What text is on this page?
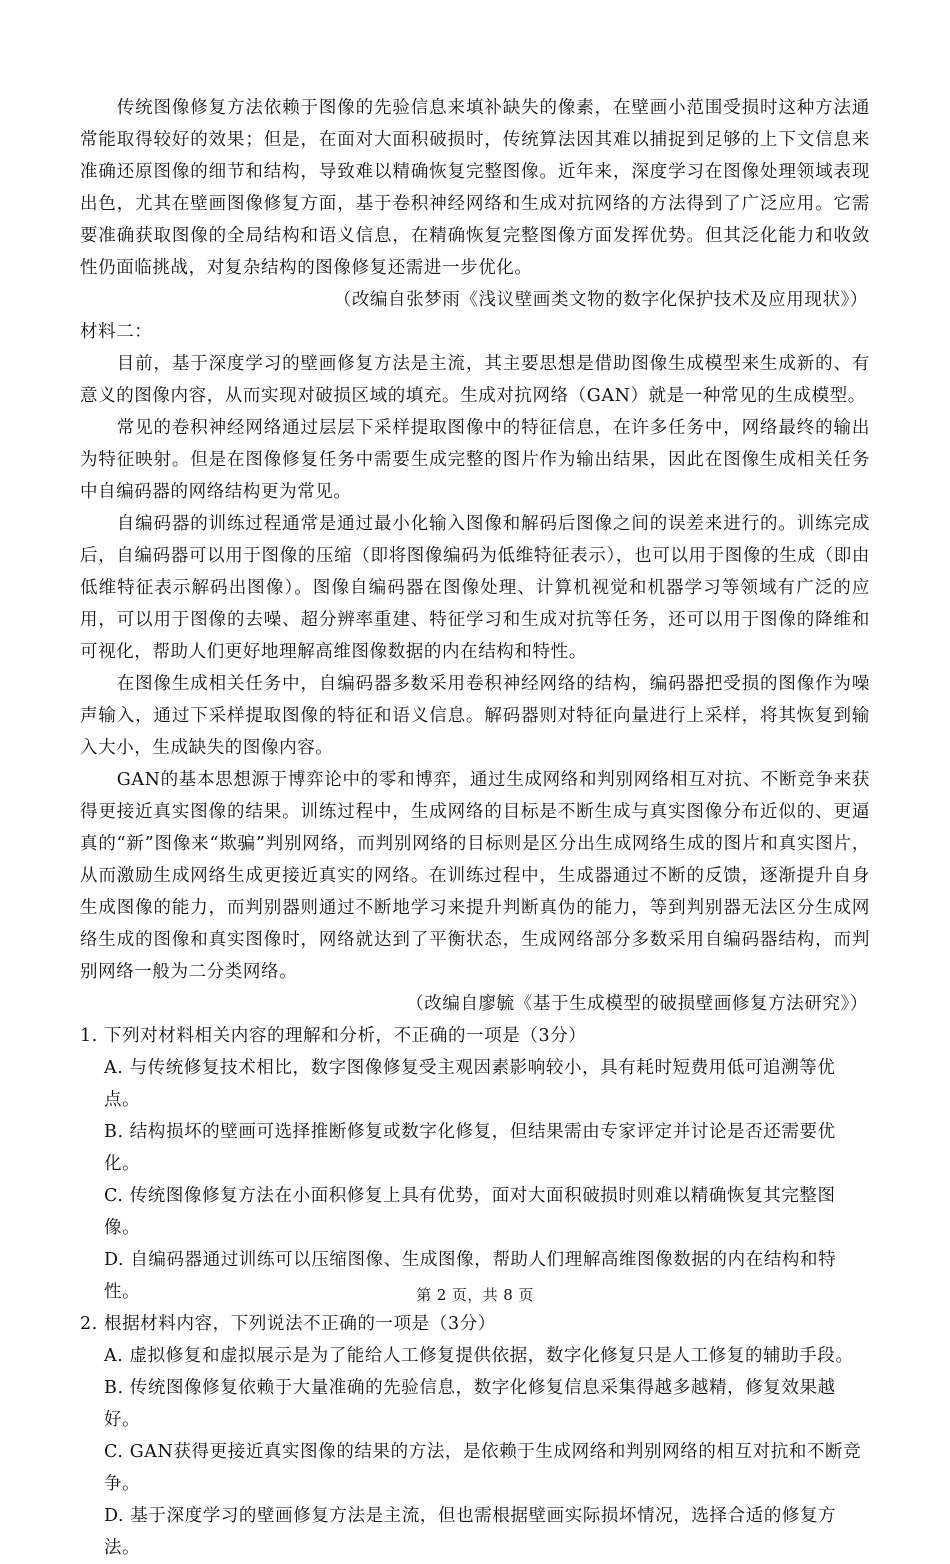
传统图像修复方法依赖于图像的先验信息来填补缺失的像素，在壁画小范围受损时这种方法通常能取得较好的效果；但是，在面对大面积破损时，传统算法因其难以捕捉到足够的上下文信息来准确还原图像的细节和结构，导致难以精确恢复完整图像。近年来，深度学习在图像处理领域表现出色，尤其在壁画图像修复方面，基于卷积神经网络和生成对抗网络的方法得到了广泛应用。它需要准确获取图像的全局结构和语义信息，在精确恢复完整图像方面发挥优势。但其泛化能力和收敛性仍面临挑战，对复杂结构的图像修复还需进一步优化。

（改编自张梦雨《浅议壁画类文物的数字化保护技术及应用现状》）

材料二：

目前，基于深度学习的壁画修复方法是主流，其主要思想是借助图像生成模型来生成新的、有意义的图像内容，从而实现对破损区域的填充。生成对抗网络（GAN）就是一种常见的生成模型。

常见的卷积神经网络通过层层下采样提取图像中的特征信息，在许多任务中，网络最终的输出为特征映射。但是在图像修复任务中需要生成完整的图片作为输出结果，因此在图像生成相关任务中自编码器的网络结构更为常见。

自编码器的训练过程通常是通过最小化输入图像和解码后图像之间的误差来进行的。训练完成后，自编码器可以用于图像的压缩（即将图像编码为低维特征表示），也可以用于图像的生成（即由低维特征表示解码出图像）。图像自编码器在图像处理、计算机视觉和机器学习等领域有广泛的应用，可以用于图像的去噪、超分辨率重建、特征学习和生成对抗等任务，还可以用于图像的降维和可视化，帮助人们更好地理解高维图像数据的内在结构和特性。

在图像生成相关任务中，自编码器多数采用卷积神经网络的结构，编码器把受损的图像作为噪声输入，通过下采样提取图像的特征和语义信息。解码器则对特征向量进行上采样，将其恢复到输入大小，生成缺失的图像内容。

GAN的基本思想源于博弈论中的零和博弈，通过生成网络和判别网络相互对抗、不断竞争来获得更接近真实图像的结果。训练过程中，生成网络的目标是不断生成与真实图像分布近似的、更逼真的“新”图像来“欺骗”判别网络，而判别网络的目标则是区分出生成网络生成的图片和真实图片，从而激励生成网络生成更接近真实的网络。在训练过程中，生成器通过不断的反馈，逐渐提升自身生成图像的能力，而判别器则通过不断地学习来提升判断真伪的能力，等到判别器无法区分生成网络生成的图像和真实图像时，网络就达到了平衡状态，生成网络部分多数采用自编码器结构，而判别网络一般为二分类网络。

（改编自廖毓《基于生成模型的破损壁画修复方法研究》）

1. 下列对材料相关内容的理解和分析，不正确的一项是（3分）

A. 与传统修复技术相比，数字图像修复受主观因素影响较小，具有耗时短费用低可追溯等优点。

B. 结构损坏的壁画可选择推断修复或数字化修复，但结果需由专家评定并讨论是否还需要优化。

C. 传统图像修复方法在小面积修复上具有优势，面对大面积破损时则难以精确恢复其完整图像。

D. 自编码器通过训练可以压缩图像、生成图像，帮助人们理解高维图像数据的内在结构和特性。

2. 根据材料内容，下列说法不正确的一项是（3分）

A. 虚拟修复和虚拟展示是为了能给人工修复提供依据，数字化修复只是人工修复的辅助手段。

B. 传统图像修复依赖于大量准确的先验信息，数字化修复信息采集得越多越精，修复效果越好。

C. GAN获得更接近真实图像的结果的方法，是依赖于生成网络和判别网络的相互对抗和不断竞争。

D. 基于深度学习的壁画修复方法是主流，但也需根据壁画实际损坏情况，选择合适的修复方法。

第 2 页，共 8 页
